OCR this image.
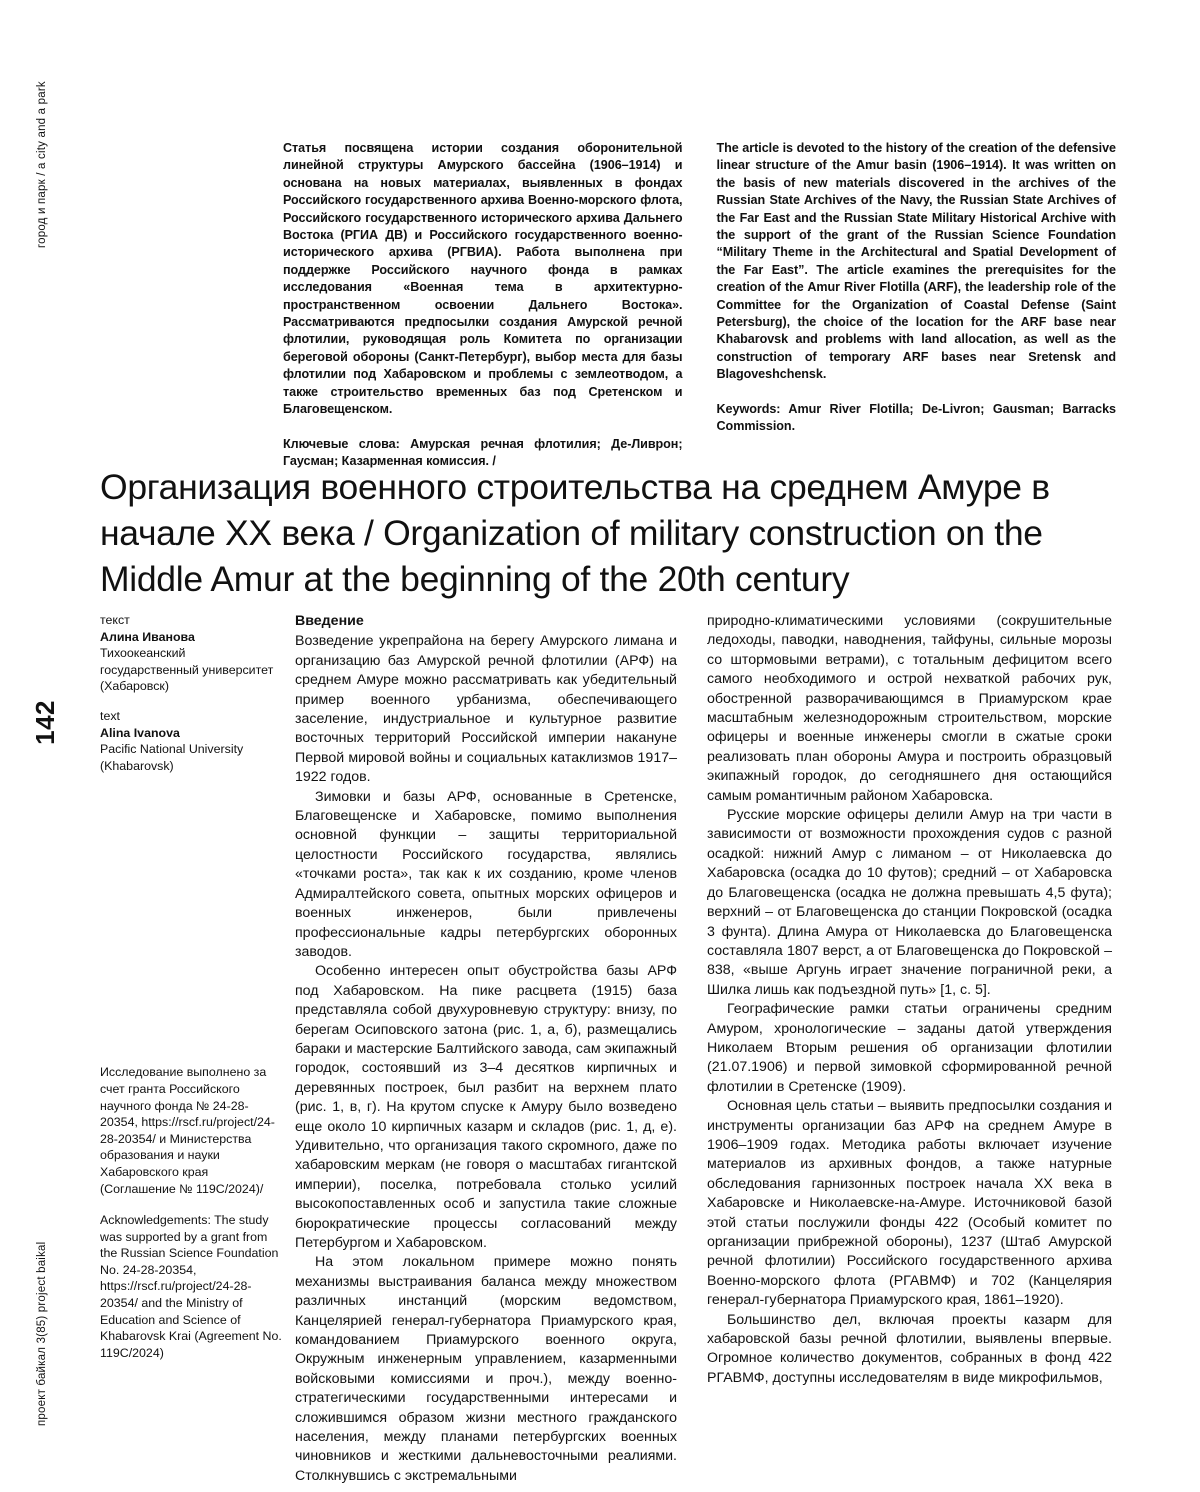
город и парк / a city and a park
проект байкал 3(85) project baikal
142
Статья посвящена истории создания оборонительной линейной структуры Амурского бассейна (1906–1914) и основана на новых материалах, выявленных в фондах Российского государственного архива Военно-морского флота, Российского государственного исторического архива Дальнего Востока (РГИА ДВ) и Российского государственного военно-исторического архива (РГВИА). Работа выполнена при поддержке Российского научного фонда в рамках исследования «Военная тема в архитектурно-пространственном освоении Дальнего Востока». Рассматриваются предпосылки создания Амурской речной флотилии, руководящая роль Комитета по организации береговой обороны (Санкт-Петербург), выбор места для базы флотилии под Хабаровском и проблемы с землеотводом, а также строительство временных баз под Сретенском и Благовещенском.
Ключевые слова: Амурская речная флотилия; Де-Ливрон; Гаусман; Казарменная комиссия. /
The article is devoted to the history of the creation of the defensive linear structure of the Amur basin (1906–1914). It was written on the basis of new materials discovered in the archives of the Russian State Archives of the Navy, the Russian State Archives of the Far East and the Russian State Military Historical Archive with the support of the grant of the Russian Science Foundation “Military Theme in the Architectural and Spatial Development of the Far East”. The article examines the prerequisites for the creation of the Amur River Flotilla (ARF), the leadership role of the Committee for the Organization of Coastal Defense (Saint Petersburg), the choice of the location for the ARF base near Khabarovsk and problems with land allocation, as well as the construction of temporary ARF bases near Sretensk and Blagoveshchensk.
Keywords: Amur River Flotilla; De-Livron; Gausman; Barracks Commission.
Организация военного строительства на среднем Амуре в начале XX века / Organization of military construction on the Middle Amur at the beginning of the 20th century
текст
Алина Иванова
Тихоокеанский государственный университет (Хабаровск)
text
Alina Ivanova
Pacific National University (Khabarovsk)
Исследование выполнено за счет гранта Российского научного фонда № 24-28-20354, https://rscf.ru/project/24-28-20354/ и Министерства образования и науки Хабаровского края (Соглашение № 119С/2024)/
Acknowledgements: The study was supported by a grant from the Russian Science Foundation No. 24-28-20354, https://rscf.ru/project/24-28-20354/ and the Ministry of Education and Science of Khabarovsk Krai (Agreement No. 119C/2024)
Введение

Возведение укрепрайона на берегу Амурского лимана и организацию баз Амурской речной флотилии (АРФ) на среднем Амуре можно рассматривать как убедительный пример военного урбанизма, обеспечивающего заселение, индустриальное и культурное развитие восточных территорий Российской империи накануне Первой мировой войны и социальных катаклизмов 1917–1922 годов.

Зимовки и базы АРФ, основанные в Сретенске, Благовещенске и Хабаровске, помимо выполнения основной функции – защиты территориальной целостности Российского государства, являлись «точками роста», так как к их созданию, кроме членов Адмиралтейского совета, опытных морских офицеров и военных инженеров, были привлечены профессиональные кадры петербургских оборонных заводов.

Особенно интересен опыт обустройства базы АРФ под Хабаровском. На пике расцвета (1915) база представляла собой двухуровневую структуру: внизу, по берегам Осиповского затона (рис. 1, а, б), размещались бараки и мастерские Балтийского завода, сам экипажный городок, состоявший из 3–4 десятков кирпичных и деревянных построек, был разбит на верхнем плато (рис. 1, в, г). На крутом спуске к Амуру было возведено еще около 10 кирпичных казарм и складов (рис. 1, д, е). Удивительно, что организация такого скромного, даже по хабаровским меркам (не говоря о масштабах гигантской империи), поселка, потребовала столько усилий высокопоставленных особ и запустила такие сложные бюрократические процессы согласований между Петербургом и Хабаровском.

На этом локальном примере можно понять механизмы выстраивания баланса между множеством различных инстанций (морским ведомством, Канцелярией генерал-губернатора Приамурского края, командованием Приамурского военного округа, Окружным инженерным управлением, казарменными войсковыми комиссиями и проч.), между военно-стратегическими государственными интересами и сложившимся образом жизни местного гражданского населения, между планами петербургских военных чиновников и жесткими дальневосточными реалиями. Столкнувшись с экстремальными

природно-климатическими условиями (сокрушительные ледоходы, паводки, наводнения, тайфуны, сильные морозы со штормовыми ветрами), с тотальным дефицитом всего самого необходимого и острой нехваткой рабочих рук, обостренной разворачивающимся в Приамурском крае масштабным железнодорожным строительством, морские офицеры и военные инженеры смогли в сжатые сроки реализовать план обороны Амура и построить образцовый экипажный городок, до сегодняшнего дня остающийся самым романтичным районом Хабаровска.

Русские морские офицеры делили Амур на три части в зависимости от возможности прохождения судов с разной осадкой: нижний Амур с лиманом – от Николаевска до Хабаровска (осадка до 10 футов); средний – от Хабаровска до Благовещенска (осадка не должна превышать 4,5 фута); верхний – от Благовещенска до станции Покровской (осадка 3 фунта). Длина Амура от Николаевска до Благовещенска составляла 1807 верст, а от Благовещенска до Покровской – 838, «выше Аргунь играет значение пограничной реки, а Шилка лишь как подъездной путь» [1, с. 5].

Географические рамки статьи ограничены средним Амуром, хронологические – заданы датой утверждения Николаем Вторым решения об организации флотилии (21.07.1906) и первой зимовкой сформированной речной флотилии в Сретенске (1909).

Основная цель статьи – выявить предпосылки создания и инструменты организации баз АРФ на среднем Амуре в 1906–1909 годах. Методика работы включает изучение материалов из архивных фондов, а также натурные обследования гарнизонных построек начала XX века в Хабаровске и Николаевске-на-Амуре. Источниковой базой этой статьи послужили фонды 422 (Особый комитет по организации прибрежной обороны), 1237 (Штаб Амурской речной флотилии) Российского государственного архива Военно-морского флота (РГАВМФ) и 702 (Канцелярия генерал-губернатора Приамурского края, 1861–1920).

Большинство дел, включая проекты казарм для хабаровской базы речной флотилии, выявлены впервые. Огромное количество документов, собранных в фонд 422 РГАВМФ, доступны исследователям в виде микрофильмов,
